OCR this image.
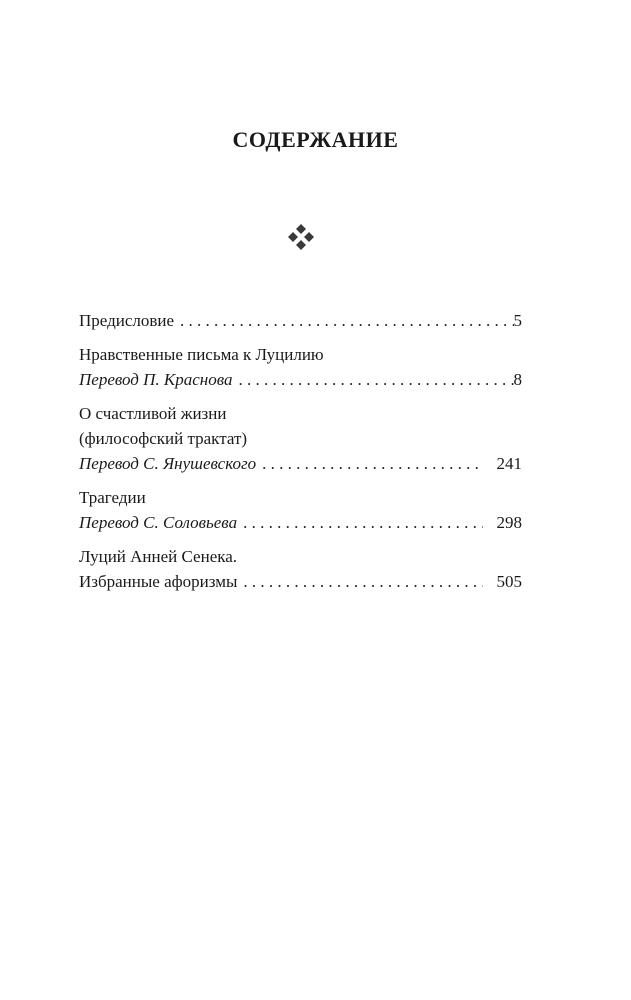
СОДЕРЖАНИЕ
Предисловие . . .	5
Нравственные письма к Луцилию
Перевод П. Краснова . . .	8
О счастливой жизни
(философский трактат)
Перевод С. Янушевского . . .	241
Трагедии
Перевод С. Соловьева . . .	298
Луций Анней Сенека.
Избранные афоризмы . . .	505
